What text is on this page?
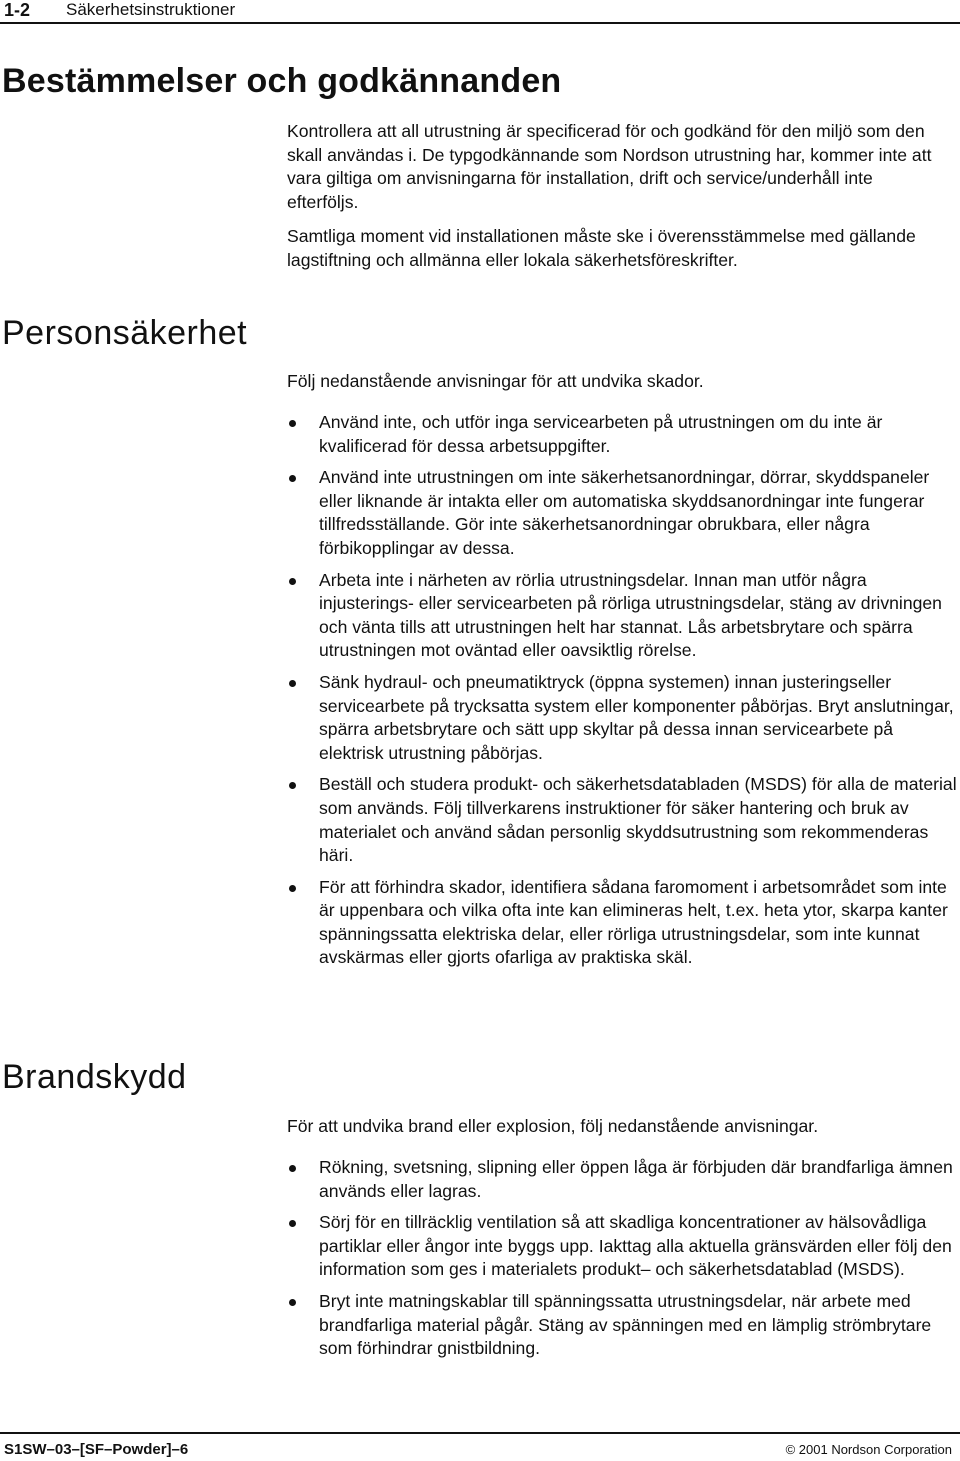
1-2 Säkerhetsinstruktioner
Bestämmelser och godkännanden
Kontrollera att all utrustning är specificerad för och godkänd för den miljö som den skall användas i. De typgodkännande som Nordson utrustning har, kommer inte att vara giltiga om anvisningarna för installation, drift och service/underhåll inte efterföljs.
Samtliga moment vid installationen måste ske i överensstämmelse med gällande lagstiftning och allmänna eller lokala säkerhetsföreskrifter.
Personsäkerhet
Följ nedanstående anvisningar för att undvika skador.
Använd inte, och utför inga servicearbeten på utrustningen om du inte är kvalificerad för dessa arbetsuppgifter.
Använd inte utrustningen om inte säkerhetsanordningar, dörrar, skyddspaneler eller liknande är intakta eller om automatiska skyddsanordningar inte fungerar tillfredsställande. Gör inte säkerhetsanordningar obrukbara, eller några förbikopplingar av dessa.
Arbeta inte i närheten av rörlia utrustningsdelar. Innan man utför några injusterings- eller servicearbeten på rörliga utrustningsdelar, stäng av drivningen och vänta tills att utrustningen helt har stannat. Lås arbetsbrytare och spärra utrustningen mot oväntad eller oavsiktlig rörelse.
Sänk hydraul- och pneumatiktryck (öppna systemen) innan justeringseller servicearbete på trycksatta system eller komponenter påbörjas. Bryt anslutningar, spärra arbetsbrytare och sätt upp skyltar på dessa innan servicearbete på elektrisk utrustning påbörjas.
Beställ och studera produkt- och säkerhetsdatabladen (MSDS) för alla de material som används. Följ tillverkarens instruktioner för säker hantering och bruk av materialet och använd sådan personlig skyddsutrustning som rekommenderas häri.
För att förhindra skador, identifiera sådana faromoment i arbetsområdet som inte är uppenbara och vilka ofta inte kan elimineras helt, t.ex. heta ytor, skarpa kanter spänningssatta elektriska delar, eller rörliga utrustningsdelar, som inte kunnat avskärmas eller gjorts ofarliga av praktiska skäl.
Brandskydd
För att undvika brand eller explosion, följ nedanstående anvisningar.
Rökning, svetsning, slipning eller öppen låga är förbjuden där brandfarliga ämnen används eller lagras.
Sörj för en tillräcklig ventilation så att skadliga koncentrationer av hälsovådliga partiklar eller ångor inte byggs upp. Iakttag alla aktuella gränsvärden eller följ den information som ges i materialets produkt– och säkerhetsdatablad (MSDS).
Bryt inte matningskablar till spänningssatta utrustningsdelar, när arbete med brandfarliga material pågår. Stäng av spänningen med en lämplig strömbrytare som förhindrar gnistbildning.
S1SW–03–[SF–Powder]–6	© 2001 Nordson Corporation
